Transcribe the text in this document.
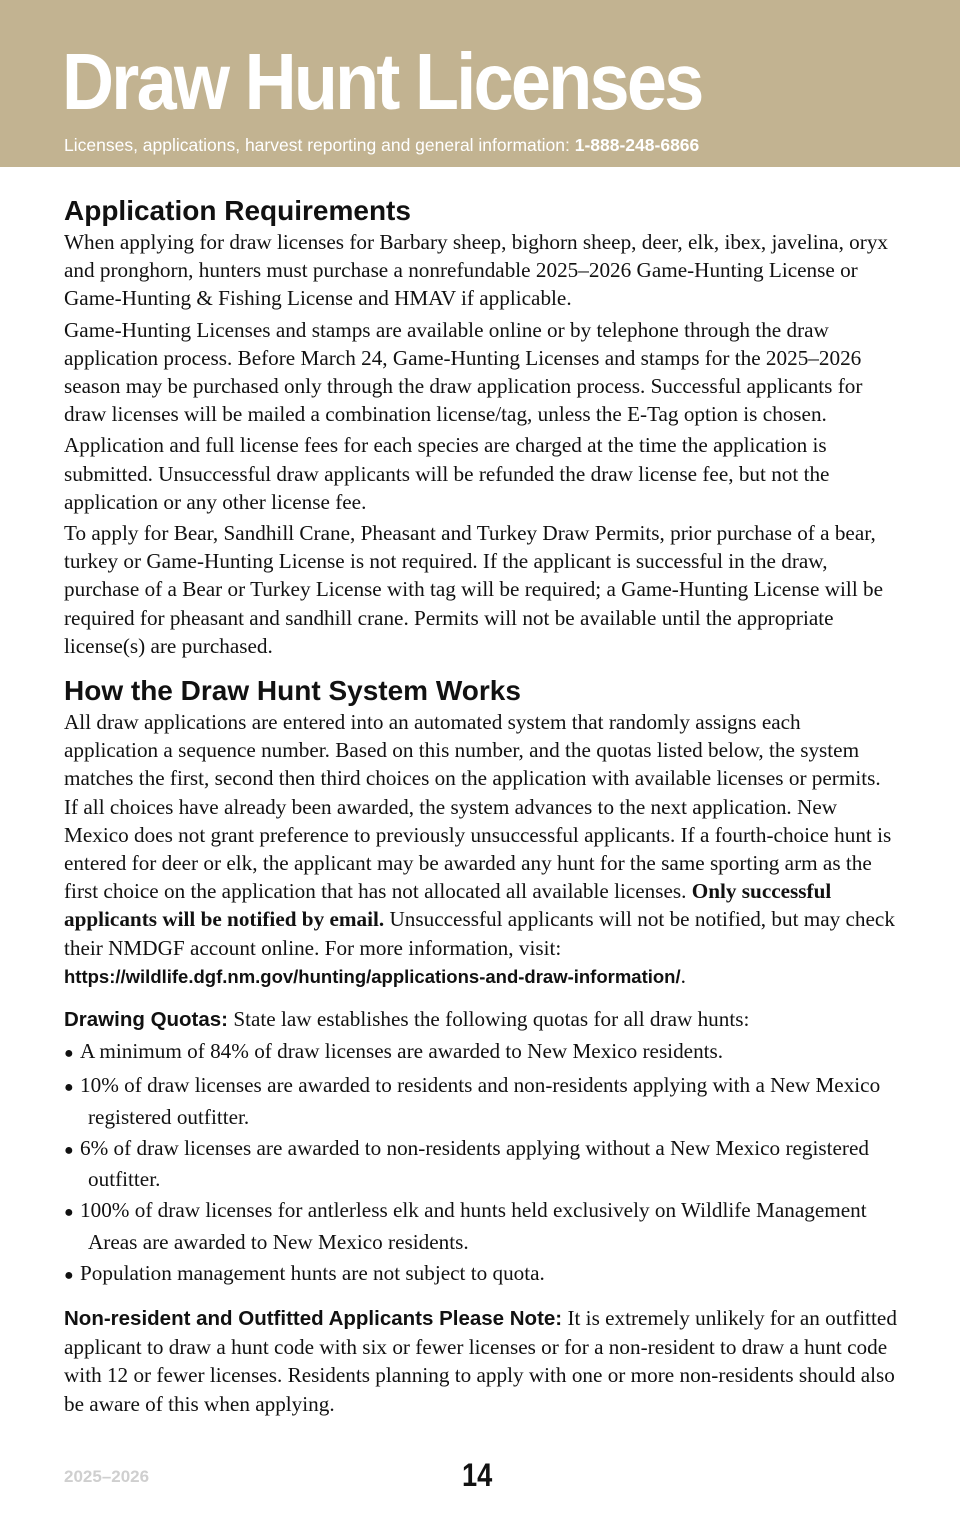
Draw Hunt Licenses
Licenses, applications, harvest reporting and general information: 1-888-248-6866
Application Requirements

When applying for draw licenses for Barbary sheep, bighorn sheep, deer, elk, ibex, javelina, oryx and pronghorn, hunters must purchase a nonrefundable 2025–2026 Game-Hunting License or Game-Hunting & Fishing License and HMAV if applicable.

Game-Hunting Licenses and stamps are available online or by telephone through the draw application process. Before March 24, Game-Hunting Licenses and stamps for the 2025–2026 season may be purchased only through the draw application process. Successful applicants for draw licenses will be mailed a combination license/tag, unless the E-Tag option is chosen.

Application and full license fees for each species are charged at the time the application is submitted. Unsuccessful draw applicants will be refunded the draw license fee, but not the application or any other license fee.

To apply for Bear, Sandhill Crane, Pheasant and Turkey Draw Permits, prior purchase of a bear, turkey or Game-Hunting License is not required. If the applicant is successful in the draw, purchase of a Bear or Turkey License with tag will be required; a Game-Hunting License will be required for pheasant and sandhill crane. Permits will not be available until the appropriate license(s) are purchased.

How the Draw Hunt System Works

All draw applications are entered into an automated system that randomly assigns each application a sequence number. Based on this number, and the quotas listed below, the system matches the first, second then third choices on the application with available licenses or permits. If all choices have already been awarded, the system advances to the next application. New Mexico does not grant preference to previously unsuccessful applicants. If a fourth-choice hunt is entered for deer or elk, the applicant may be awarded any hunt for the same sporting arm as the first choice on the application that has not allocated all available licenses. Only successful applicants will be notified by email. Unsuccessful applicants will not be notified, but may check their NMDGF account online. For more information, visit: https://wildlife.dgf.nm.gov/hunting/applications-and-draw-information/.

Drawing Quotas: State law establishes the following quotas for all draw hunts:

● A minimum of 84% of draw licenses are awarded to New Mexico residents.
● 10% of draw licenses are awarded to residents and non-residents applying with a New Mexico registered outfitter.
● 6% of draw licenses are awarded to non-residents applying without a New Mexico registered outfitter.
● 100% of draw licenses for antlerless elk and hunts held exclusively on Wildlife Management Areas are awarded to New Mexico residents.
● Population management hunts are not subject to quota.

Non-resident and Outfitted Applicants Please Note: It is extremely unlikely for an outfitted applicant to draw a hunt code with six or fewer licenses or for a non-resident to draw a hunt code with 12 or fewer licenses. Residents planning to apply with one or more non-residents should also be aware of this when applying.

2025–2026	14
